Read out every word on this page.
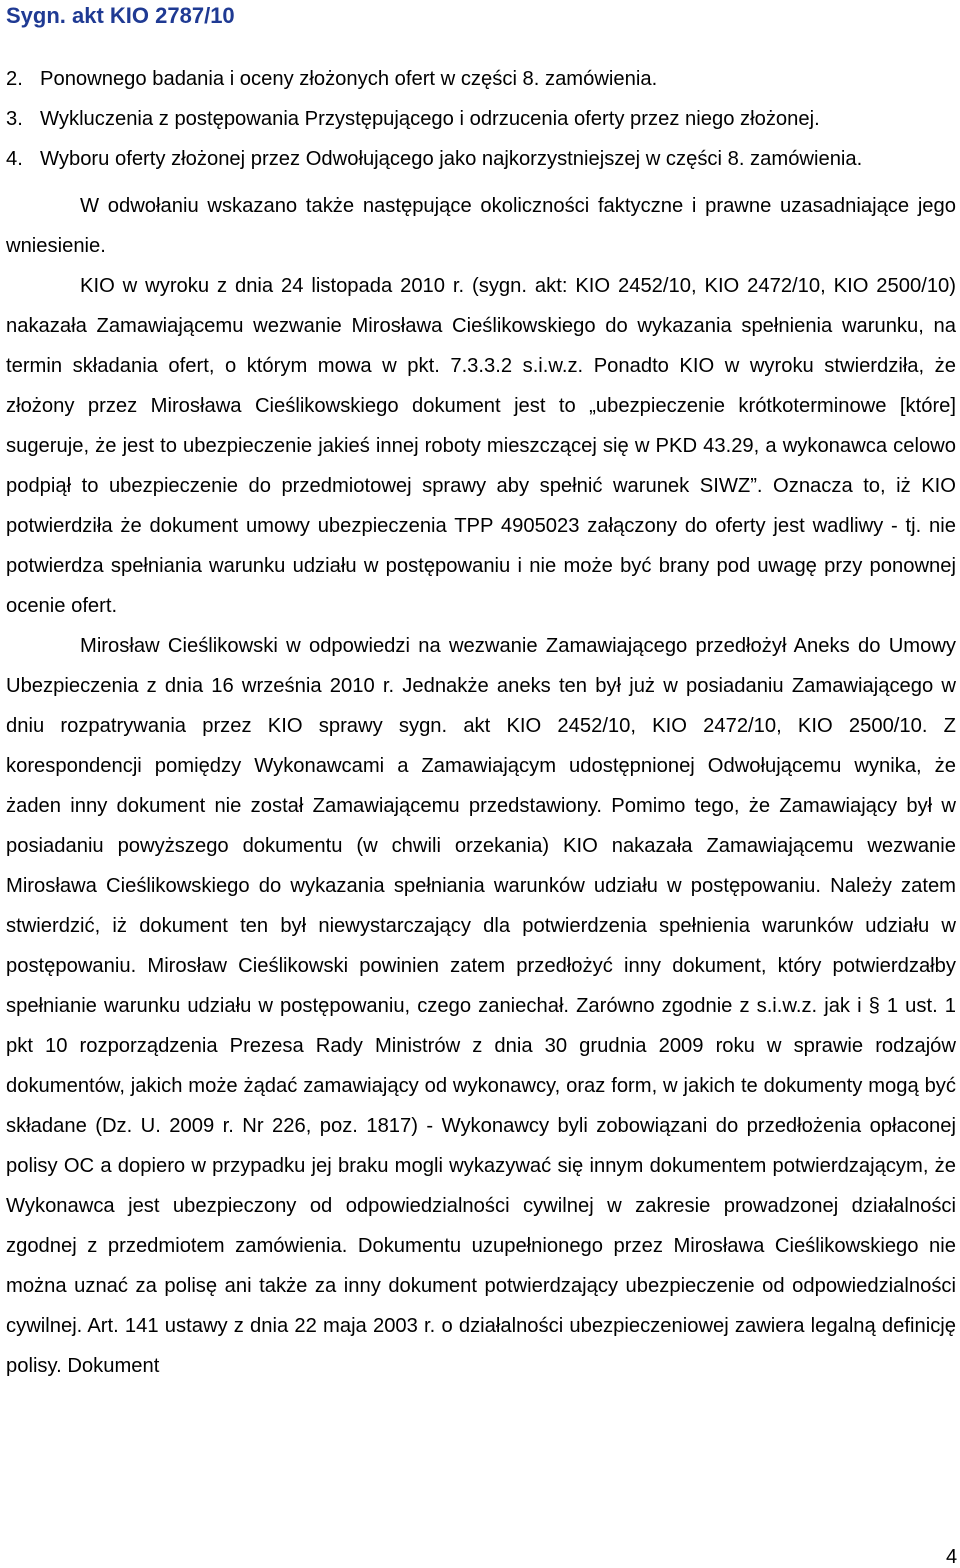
Sygn. akt KIO 2787/10
2. Ponownego badania i oceny złożonych ofert w części 8. zamówienia.
3. Wykluczenia z postępowania Przystępującego i odrzucenia oferty przez niego złożonej.
4. Wyboru oferty złożonej przez Odwołującego jako najkorzystniejszej w części 8. zamówienia.

W odwołaniu wskazano także następujące okoliczności faktyczne i prawne uzasadniające jego wniesienie.

KIO w wyroku z dnia 24 listopada 2010 r. (sygn. akt: KIO 2452/10, KIO 2472/10, KIO 2500/10) nakazała Zamawiającemu wezwanie Mirosława Cieślikowskiego do wykazania spełnienia warunku, na termin składania ofert, o którym mowa w pkt. 7.3.3.2 s.i.w.z. Ponadto KIO w wyroku stwierdziła, że złożony przez Mirosława Cieślikowskiego dokument jest to „ubezpieczenie krótkoterminowe [które] sugeruje, że jest to ubezpieczenie jakieś innej roboty mieszczącej się w PKD 43.29, a wykonawca celowo podpiął to ubezpieczenie do przedmiotowej sprawy aby spełnić warunek SIWZ”. Oznacza to, iż KIO potwierdziła że dokument umowy ubezpieczenia TPP 4905023 załączony do oferty jest wadliwy - tj. nie potwierdza spełniania warunku udziału w postępowaniu i nie może być brany pod uwagę przy ponownej ocenie ofert.

Mirosław Cieślikowski w odpowiedzi na wezwanie Zamawiającego przedłożył Aneks do Umowy Ubezpieczenia z dnia 16 września 2010 r. Jednakże aneks ten był już w posiadaniu Zamawiającego w dniu rozpatrywania przez KIO sprawy sygn. akt KIO 2452/10, KIO 2472/10, KIO 2500/10. Z korespondencji pomiędzy Wykonawcami a Zamawiającym udostępnionej Odwołującemu wynika, że żaden inny dokument nie został Zamawiającemu przedstawiony. Pomimo tego, że Zamawiający był w posiadaniu powyższego dokumentu (w chwili orzekania) KIO nakazała Zamawiającemu wezwanie Mirosława Cieślikowskiego do wykazania spełniania warunków udziału w postępowaniu. Należy zatem stwierdzić, iż dokument ten był niewystarczający dla potwierdzenia spełnienia warunków udziału w postępowaniu. Mirosław Cieślikowski powinien zatem przedłożyć inny dokument, który potwierdzałby spełnianie warunku udziału w postępowaniu, czego zaniechał. Zarówno zgodnie z s.i.w.z. jak i § 1 ust. 1 pkt 10 rozporządzenia Prezesa Rady Ministrów z dnia 30 grudnia 2009 roku w sprawie rodzajów dokumentów, jakich może żądać zamawiający od wykonawcy, oraz form, w jakich te dokumenty mogą być składane (Dz. U. 2009 r. Nr 226, poz. 1817) - Wykonawcy byli zobowiązani do przedłożenia opłaconej polisy OC a dopiero w przypadku jej braku mogli wykazywać się innym dokumentem potwierdzającym, że Wykonawca jest ubezpieczony od odpowiedzialności cywilnej w zakresie prowadzonej działalności zgodnej z przedmiotem zamówienia. Dokumentu uzupełnionego przez Mirosława Cieślikowskiego nie można uznać za polisę ani także za inny dokument potwierdzający ubezpieczenie od odpowiedzialności cywilnej. Art. 141 ustawy z dnia 22 maja 2003 r. o działalności ubezpieczeniowej zawiera legalną definicję polisy. Dokument

4
